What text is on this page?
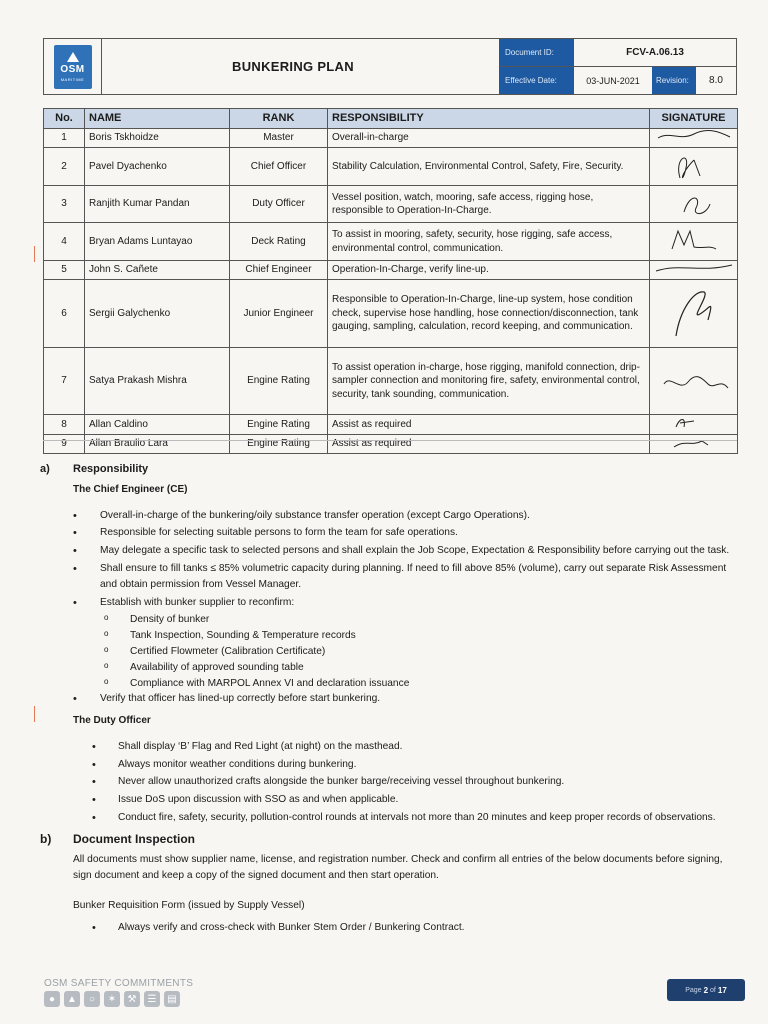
OSM
MARITIME
BUNKERING PLAN
Document ID:	FCV-A.06.13
Effective Date:	03-JUN-2021	Revision:	8.0
No.	NAME	RANK	RESPONSIBILITY	SIGNATURE
1	Boris Tskhoidze	Master	Overall-in-charge	
2	Pavel Dyachenko	Chief Officer	Stability Calculation, Environmental Control, Safety, Fire, Security.	
3	Ranjith Kumar Pandan	Duty Officer	Vessel position, watch, mooring, safe access, rigging hose, responsible to Operation-In-Charge.	
4	Bryan Adams Luntayao	Deck Rating	To assist in mooring, safety, security, hose rigging, safe access, environmental control, communication.	
5	John S. Cañete	Chief Engineer	Operation-In-Charge, verify line-up.	
6	Sergii Galychenko	Junior Engineer	Responsible to Operation-In-Charge, line-up system, hose condition check, supervise hose handling, hose connection/disconnection, tank gauging, sampling, calculation, record keeping, and communication.	
7	Satya Prakash Mishra	Engine Rating	To assist operation in-charge, hose rigging, manifold connection, drip-sampler connection and monitoring fire, safety, environmental control, security, tank sounding, communication.	
8	Allan Caldino	Engine Rating	Assist as required	
9	Allan Braulio Lara	Engine Rating	Assist as required	
a)	Responsibility
The Chief Engineer (CE)
• Overall-in-charge of the bunkering/oily substance transfer operation (except Cargo Operations).
• Responsible for selecting suitable persons to form the team for safe operations.
• May delegate a specific task to selected persons and shall explain the Job Scope, Expectation & Responsibility before carrying out the task.
• Shall ensure to fill tanks ≤ 85% volumetric capacity during planning. If need to fill above 85% (volume), carry out separate Risk Assessment and obtain permission from Vessel Manager.
• Establish with bunker supplier to reconfirm:
o Density of bunker
o Tank Inspection, Sounding & Temperature records
o Certified Flowmeter (Calibration Certificate)
o Availability of approved sounding table
o Compliance with MARPOL Annex VI and declaration issuance
• Verify that officer has lined-up correctly before start bunkering.
The Duty Officer
• Shall display ‘B’ Flag and Red Light (at night) on the masthead.
• Always monitor weather conditions during bunkering.
• Never allow unauthorized crafts alongside the bunker barge/receiving vessel throughout bunkering.
• Issue DoS upon discussion with SSO as and when applicable.
• Conduct fire, safety, security, pollution-control rounds at intervals not more than 20 minutes and keep proper records of observations.
b)	Document Inspection
All documents must show supplier name, license, and registration number. Check and confirm all entries of the below documents before signing, sign document and keep a copy of the signed document and then start operation.
Bunker Requisition Form (issued by Supply Vessel)
• Always verify and cross-check with Bunker Stem Order / Bunkering Contract.
OSM SAFETY COMMITMENTS
●	▲	○	✶	⚒	☰	▤
Page 2 of 17
